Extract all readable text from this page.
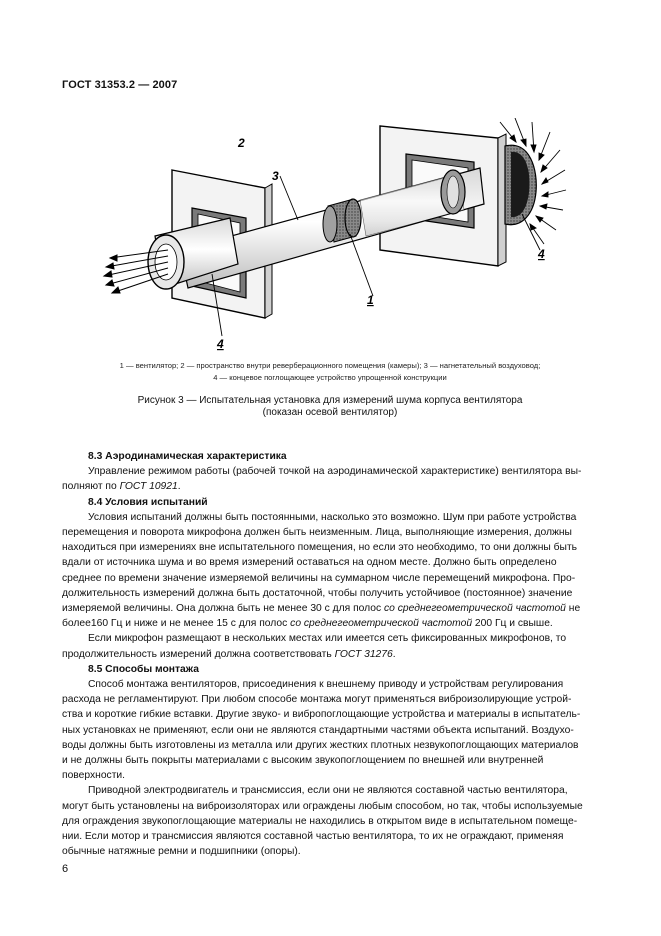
ГОСТ 31353.2 — 2007
2
3
1
4
4
1 — вентилятор; 2 — пространство внутри реверберационного помещения (камеры); 3 — нагнетательный воздуховод;
4 — концевое поглощающее устройство упрощенной конструкции
Рисунок 3 — Испытательная установка для измерений шума корпуса вентилятора
(показан осевой вентилятор)

8.3 Аэродинамическая характеристика

Управление режимом работы (рабочей точкой на аэродинамической характеристике) вентилятора вы-

полняют по ГОСТ 10921.

8.4 Условия испытаний

Условия испытаний должны быть постоянными, насколько это возможно. Шум при работе устройства

перемещения и поворота микрофона должен быть неизменным. Лица, выполняющие измерения, должны

находиться при измерениях вне испытательного помещения, но если это необходимо, то они должны быть

вдали от источника шума и во время измерений оставаться на одном месте. Должно быть определено

среднее по времени значение измеряемой величины на суммарном числе перемещений микрофона. Про-

должительность измерений должна быть достаточной, чтобы получить устойчивое (постоянное) значение

измеряемой величины. Она должна быть не менее 30 с для полос со среднегеометрической частотой не

более160 Гц и ниже и не менее 15 с для полос со среднегеометрической частотой 200 Гц и свыше.

Если микрофон размещают в нескольких местах или имеется сеть фиксированных микрофонов, то

продолжительность измерений должна соответствовать ГОСТ 31276.

8.5 Способы монтажа

Способ монтажа вентиляторов, присоединения к внешнему приводу и устройствам регулирования

расхода не регламентируют. При любом способе монтажа могут применяться виброизолирующие устрой-

ства и короткие гибкие вставки. Другие звуко- и вибропоглощающие устройства и материалы в испытатель-

ных установках не применяют, если они не являются стандартными частями объекта испытаний. Воздухо-

воды должны быть изготовлены из металла или других жестких плотных незвукопоглощающих материалов

и не должны быть покрыты материалами с высоким звукопоглощением по внешней или внутренней

поверхности.

Приводной электродвигатель и трансмиссия, если они не являются составной частью вентилятора,

могут быть установлены на виброизоляторах или ограждены любым способом, но так, чтобы используемые

для ограждения звукопоглощающие материалы не находились в открытом виде в испытательном помеще-

нии. Если мотор и трансмиссия являются составной частью вентилятора, то их не ограждают, применяя

обычные натяжные ремни и подшипники (опоры).

6
